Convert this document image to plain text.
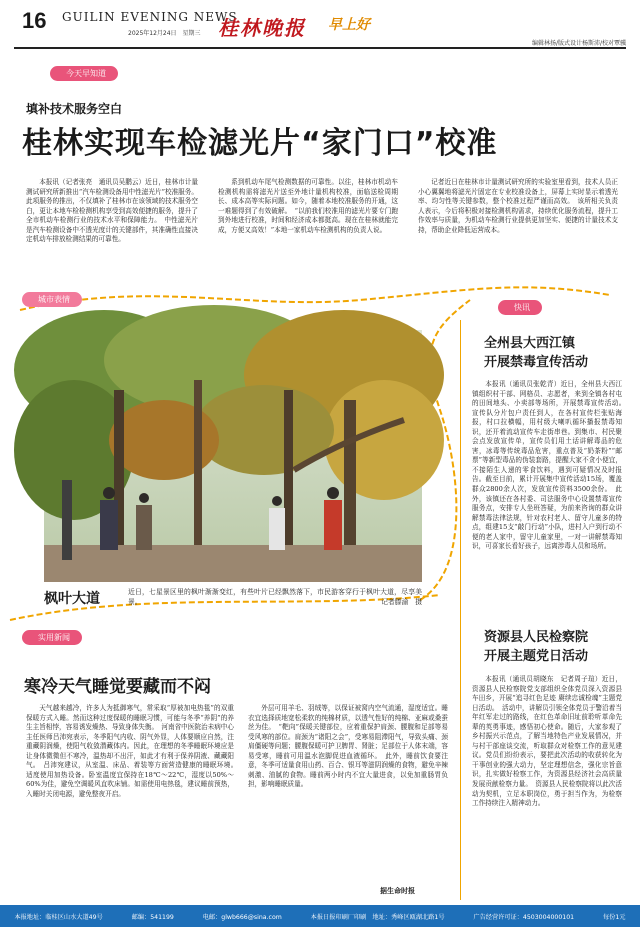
16 GUILIN EVENING NEWS
2025年12月24日　星期三 桂林晚报 早上好
编辑林扬/版式设计杨斯沛/校对覃骥
今天早知道
填补技术服务空白
桂林实现车检滤光片“家门口”校准

本报讯（记者张亮　通讯员吴鹏云）近日，桂林市计量测试研究所新推出“汽车检测设备用中性滤光片”校准服务。此项服务的推出，不仅填补了桂林市在该领域的技术服务空白，更让本地车检检测机构享受到高效便捷的服务，提升了全市机动车检测行业的技术水平和保障能力。　中性滤光片是汽车检测设备中不透光度计的关键部件，其准确性直接决定机动车排放检测结果的可靠性。

系到机动车尾气检测数据的可靠性。以往，桂林市机动车检测机构需将滤光片送至外地计量机构校准，面临送检周期长、成本高等实际问题。如今，随着本地校准服务的开通，这一难题得到了有效破解。　“以前我们校准用的滤光片要专门跑到外地进行校准，时间和经济成本都挺高。现在在桂林就能完成，方便又高效！”本地一家机动车检测机构的负责人说。

记者近日在桂林市计量测试研究所的实验室里看到，技术人员正小心翼翼地将滤光片固定在专业校准设备上，屏幕上实时显示着透光率、均匀性等关键参数，整个校准过程严谨而高效。　该所相关负责人表示，今后将积极对接检测机构需求，持续优化服务流程，提升工作效率与质量，为机动车检测行业提供更加坚实、便捷的计量技术支持，帮助企业降低运营成本。

城市表情
枫叶大道	近日，七星景区里的枫叶渐渐变红，有些叶片已经飘然落下，市民游客穿行于枫叶大道，尽享美景。	记者滕渝　摄
快讯
全州县大西江镇
开展禁毒宣传活动

本报讯（通讯员张乾青）近日，全州县大西江镇组织村干部、网格员、志愿者，来到全镇各村屯的田间地头、小卖部等场所，开展禁毒宣传活动。　宣传队分片包户责任到人，在各村宣传栏张贴海报，村口拉横幅，用村级大喇叭循环播报禁毒知识，还开着流动宣传车走街串巷。到集市、村民聚会点发放宣传单，宣传员们用土话讲解毒品的危害，冰毒等传统毒品危害，重点普及“奶茶粉”“邮票”等新型毒品的伪装套路，提醒大家不贪小便宜，不接陌生人递的零食饮料，遇到可疑情况及时报告。截至目前，累计开展集中宣传活动15场，覆盖群众2800余人次，发放宣传资料3500余份。　此外，该镇还在各村委、司法服务中心设置禁毒宣传服务点，安排专人坐班答疑，为前来咨询的群众讲解禁毒法律法规，针对农村老人、留守儿童多的特点，组建15支“敲门行动”小队，进村入户到行动不便的老人家中，留守儿童家里，一对一讲解禁毒知识，可喜家长看好孩子，远离涉毒人员和场所。

资源县人民检察院
开展主题党日活动

本报讯（通讯员胡晓东　记者周子瑄）近日，资源县人民检察院党支部组织全体党员深入资源县车田乡，开展“追寻红色足迹 赓续忠诚检魂”主题党日活动。　活动中，讲解员引领全体党员于警沿着当年红军走过的路线，在红色革命旧址前聆听革命先辈的英勇事迹，感悟初心使命。随后，大家参观了乡村振兴示范点，了解当地特色产业发展情况，并与村干部座谈交流，听取群众对检察工作的意见建议。党员们纷纷表示，要把此次活动的收获转化为干事创业的强大动力，坚定理想信念，强化宗旨意识，扎实做好检察工作，为资源县经济社会高质量发展贡献检察力量。　资源县人民检察院将以此次活动为契机，立足本职岗位，勇于担当作为，为检察工作持续注入精神动力。

实用新闻
寒冷天气睡觉要藏而不闷

天气越来越冷，许多人为抵御寒气，常采取“厚被加电热毯”的双重保暖方式入睡。然而这种过度保暖的睡眠习惯，可能与冬季“养阴”的养生主旨相悖，容易诱发燥热、导致身体失衡。　河南省中医院治未病中心主任医师吕沛宛表示，冬季阳气内收、阴气外显，人体要顺应自然，注重藏阴润燥，使阳气收敛潜藏体内。因此，在理想的冬季睡眠环境应是让身体微微但不寒冷，温热却不出汗，如此才有利于保养阴液、藏藏阳气。　吕沛宛建议，从室温、床品、着装等方面营造健康的睡眠环境。　适度使用加热设备。卧室温度宜保持在18℃～22℃，湿度以50%～60%为佳，避免空调暖风直吹床铺。如需使用电热毯，建议睡前预热，入睡时关闭电源，避免整夜开启。

外层可用羊毛、羽绒等，以保证被窝内空气流通，湿度适宜。睡衣宜选择质地宽松柔软的纯棉材质，以透气性好的纯棉、亚麻或桑蚕丝为佳。　“靶向”保暖关键部位，应着重保护肩颈、腰腹和足部等易受风寒的部位。肩颈为“诸阳之会”，受寒易阻滞阳气，导致头痛、颈肩僵硬等问题；腰腹保暖可护卫脾胃、肾脏；足部位于人体末端，容易受寒，睡前可用温水泡脚促进血液循环。　此外，睡前饮食要注意，冬季可适量食用山药、百合、银耳等滋阴润燥的食物，避免辛辣刺激、油腻的食物。睡前两小时内不宜大量进食，以免加重肠胃负担，影响睡眠质量。

据生命时报
本报地址：临桂区山水大道49号	邮编：541199	电邮：glwb666@sina.com	本报日报印刷厂印刷　地址：秀峰区瓯湖北路1号	广告经营许可证：4503004000101	每份1元
